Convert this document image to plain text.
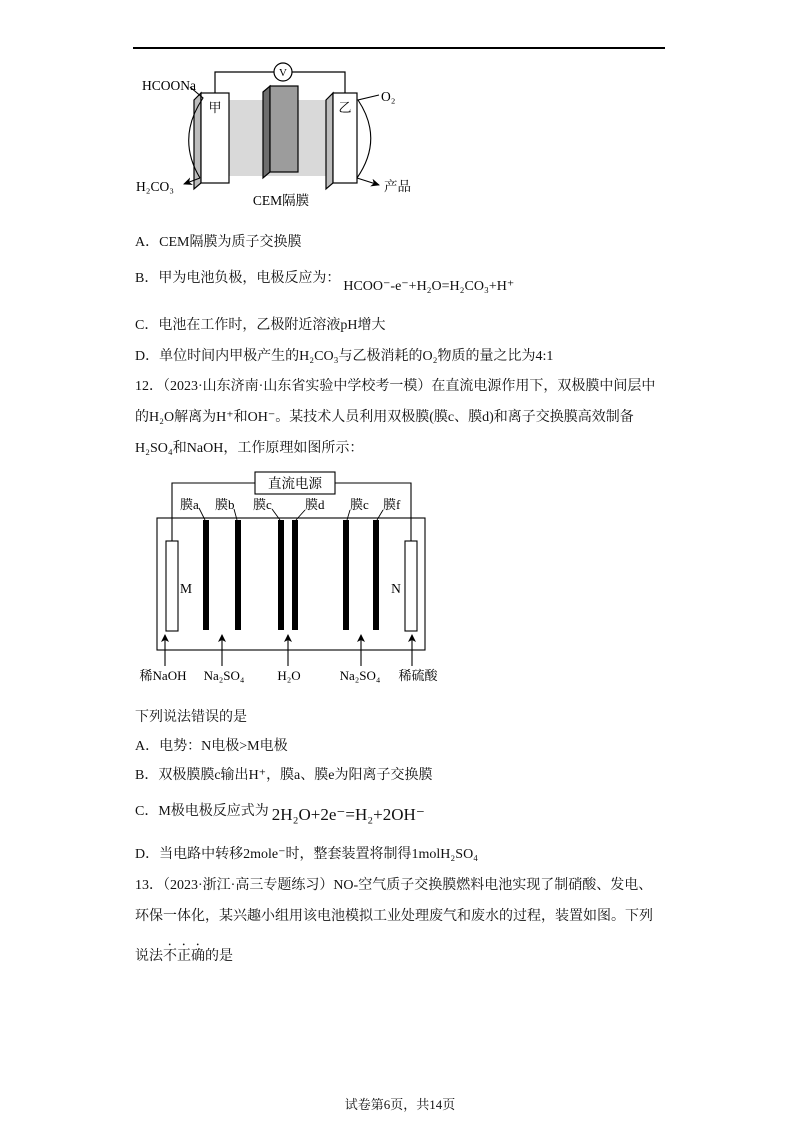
V
甲	乙
HCOONa
O₂
H₂CO₃	产品
CEM隔膜
A．CEM隔膜为质子交换膜
B．甲为电池负极，电极反应为：HCOO⁻-e⁻+H₂O=H₂CO₃+H⁺
C．电池在工作时，乙极附近溶液pH增大
D．单位时间内甲极产生的H₂CO₃与乙极消耗的O₂物质的量之比为4:1
12．（2023·山东济南·山东省实验中学校考一模）在直流电源作用下，双极膜中间层中
的H₂O解离为H⁺和OH⁻。某技术人员利用双极膜(膜c、膜d)和离子交换膜高效制备
H₂SO₄和NaOH，工作原理如图所示：
直流电源
M	N
膜a 膜b 膜c	膜d 膜c 膜f
稀NaOH Na₂SO₄	H₂O	Na₂SO₄ 稀硫酸
下列说法错误的是
A．电势：N电极>M电极
B．双极膜膜c输出H⁺，膜a、膜e为阳离子交换膜
C．M极电极反应式为 2H₂O+2e⁻=H₂+2OH⁻
D．当电路中转移2mole⁻时，整套装置将制得1molH₂SO₄
13．（2023·浙江·高三专题练习）NO-空气质子交换膜燃料电池实现了制硝酸、发电、
环保一体化，某兴趣小组用该电池模拟工业处理废气和废水的过程，装置如图。下列
说法不正确的是
试卷第6页，共14页
